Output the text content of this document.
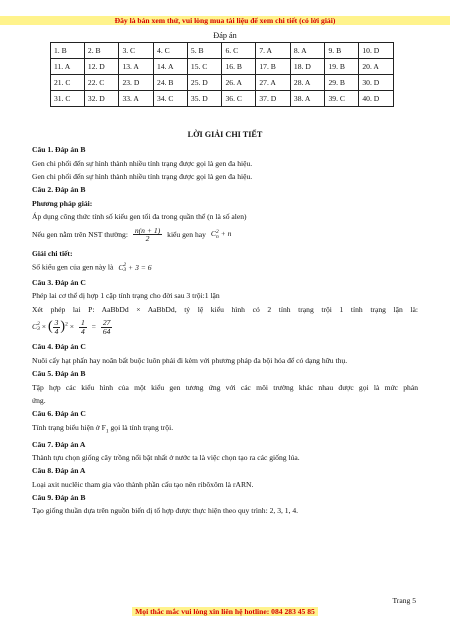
Đây là bản xem thử, vui lòng mua tài liệu để xem chi tiết (có lời giải)
Đáp án
1. B	2. B	3. C	4. C	5. B	6. C	7. A	8. A	9. B	10. D
11. A	12. D	13. A	14. A	15. C	16. B	17. B	18. D	19. B	20. A
21. C	22. C	23. D	24. B	25. D	26. A	27. A	28. A	29. B	30. D
31. C	32. D	33. A	34. C	35. D	36. C	37. D	38. A	39. C	40. D
LỜI GIẢI CHI TIẾT
Câu 1. Đáp án B
Gen chi phối đến sự hình thành nhiều tính trạng được gọi là gen đa hiệu.
Gen chi phối đến sự hình thành nhiều tính trạng được gọi là gen đa hiệu.
Câu 2. Đáp án B
Phương pháp giải:
Áp dụng công thức tính số kiểu gen tối đa trong quần thể (n là số alen)
Nếu gen nằm trên NST thường: $\frac{n(n + 1)}{2}$ kiểu gen hay C 2
n + n
Giải chi tiết:
Số kiểu gen của gen này là C 2
3 + 3 = 6
Câu 3. Đáp án C
Phép lai cơ thể dị hợp 1 cặp tính trạng cho đời sau 3 trội:1 lặn
Xét phép lai P: AaBbDd × AaBbDd, tỷ lệ kiểu hình có 2 tính trạng trội 1 tính trạng lặn là:
C 2
3 × ( $\frac{3}{4} )^2 \times \frac{1}{4} = \frac{27}{64}$
Câu 4. Đáp án C
Nuôi cấy hạt phấn hay noãn bất buộc luôn phải đi kèm với phương pháp đa bội hóa để có dạng hữu thụ.
Câu 5. Đáp án B
Tập hợp các kiểu hình của một kiểu gen tương ứng với các môi trường khác nhau được gọi là mức phản
ứng.
Câu 6. Đáp án C
Tính trạng biểu hiện ở $F_1$ gọi là tính trạng trội.
Câu 7. Đáp án A
Thành tựu chọn giống cây trồng nổi bật nhất ở nước ta là việc chọn tạo ra các giống lúa.
Câu 8. Đáp án A
Loại axit nuclêic tham gia vào thành phần cấu tạo nên ribôxôm là rARN.
Câu 9. Đáp án B
Tạo giống thuần dựa trên nguồn biến dị tổ hợp được thực hiện theo quy trình: 2, 3, 1, 4.
Trang 5
Mọi thắc mắc vui lòng xin liên hệ hotline: 084 283 45 85
